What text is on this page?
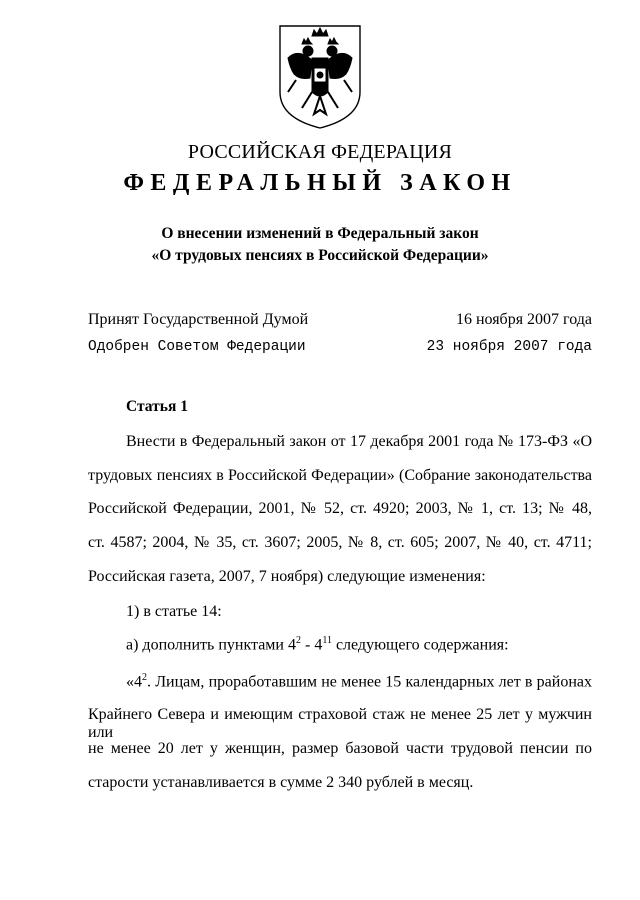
РОССИЙСКАЯ ФЕДЕРАЦИЯ
ФЕДЕРАЛЬНЫЙ ЗАКОН
О внесении изменений в Федеральный закон
«О трудовых пенсиях в Российской Федерации»
Принят Государственной Думой	16 ноября 2007 года
Одобрен Советом Федерации	23 ноября 2007 года
Статья 1
Внести в Федеральный закон от 17 декабря 2001 года № 173-ФЗ «О
трудовых пенсиях в Российской Федерации» (Собрание законодательства
Российской Федерации, 2001, № 52, ст. 4920; 2003, № 1, ст. 13; № 48,
ст. 4587; 2004, № 35, ст. 3607; 2005, № 8, ст. 605; 2007, № 40, ст. 4711;
Российская газета, 2007, 7 ноября) следующие изменения:
1) в статье 14:
а) дополнить пунктами $4^2 - 4^{11}$ следующего содержания:
«$4^2$. Лицам, проработавшим не менее 15 календарных лет в районах
Крайнего Севера и имеющим страховой стаж не менее 25 лет у мужчин или
не менее 20 лет у женщин, размер базовой части трудовой пенсии по
старости устанавливается в сумме 2 340 рублей в месяц.
